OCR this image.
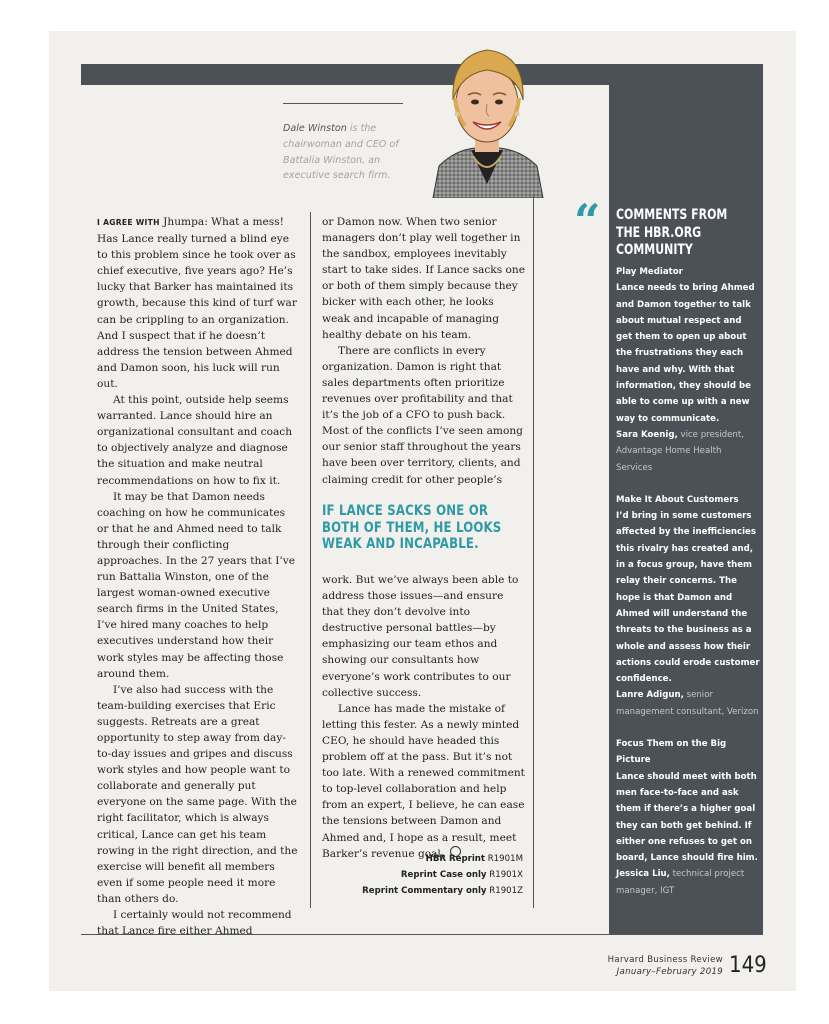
Dale Winston is the chairwoman and CEO of Battalia Winston, an executive search firm.

I AGREE WITH Jhumpa: What a mess! Has Lance really turned a blind eye to this problem since he took over as chief executive, five years ago? He’s lucky that Barker has maintained its growth, because this kind of turf war can be crippling to an organization. And I suspect that if he doesn’t address the tension between Ahmed and Damon soon, his luck will run out.

At this point, outside help seems warranted. Lance should hire an organizational consultant and coach to objectively analyze and diagnose the situation and make neutral recommendations on how to fix it.

It may be that Damon needs coaching on how he communicates or that he and Ahmed need to talk through their conflicting approaches. In the 27 years that I’ve run Battalia Winston, one of the largest woman-owned executive search firms in the United States, I’ve hired many coaches to help executives understand how their work styles may be affecting those around them.

I’ve also had success with the team-building exercises that Eric suggests. Retreats are a great opportunity to step away from day-to-day issues and gripes and discuss work styles and how people want to collaborate and generally put everyone on the same page. With the right facilitator, which is always critical, Lance can get his team rowing in the right direction, and the exercise will benefit all members even if some people need it more than others do.

I certainly would not recommend that Lance fire either Ahmed

or Damon now. When two senior managers don’t play well together in the sandbox, employees inevitably start to take sides. If Lance sacks one or both of them simply because they bicker with each other, he looks weak and incapable of managing healthy debate on his team.

There are conflicts in every organization. Damon is right that sales departments often prioritize revenues over profitability and that it’s the job of a CFO to push back. Most of the conflicts I’ve seen among our senior staff throughout the years have been over territory, clients, and claiming credit for other people’s

IF LANCE SACKS ONE OR BOTH OF THEM, HE LOOKS WEAK AND INCAPABLE.

work. But we’ve always been able to address those issues—and ensure that they don’t devolve into destructive personal battles—by emphasizing our team ethos and showing our consultants how everyone’s work contributes to our collective success.

Lance has made the mistake of letting this fester. As a newly minted CEO, he should have headed this problem off at the pass. But it’s not too late. With a renewed commitment to top-level collaboration and help from an expert, I believe, he can ease the tensions between Damon and Ahmed and, I hope as a result, meet Barker’s revenue goal.

HBR Reprint R1901M
Reprint Case only R1901X
Reprint Commentary only R1901Z
“ COMMENTS FROM THE HBR.ORG COMMUNITY
Play Mediator
Lance needs to bring Ahmed and Damon together to talk about mutual respect and get them to open up about the frustrations they each have and why. With that information, they should be able to come up with a new way to communicate.
Sara Koenig, vice president, Advantage Home Health Services
Make It About Customers
I’d bring in some customers affected by the inefficiencies this rivalry has created and, in a focus group, have them relay their concerns. The hope is that Damon and Ahmed will understand the threats to the business as a whole and assess how their actions could erode customer confidence.
Lanre Adigun, senior management consultant, Verizon
Focus Them on the Big Picture
Lance should meet with both men face-to-face and ask them if there’s a higher goal they can both get behind. If either one refuses to get on board, Lance should fire him.
Jessica Liu, technical project manager, IGT
Harvard Business Review
January–February 2019 149
